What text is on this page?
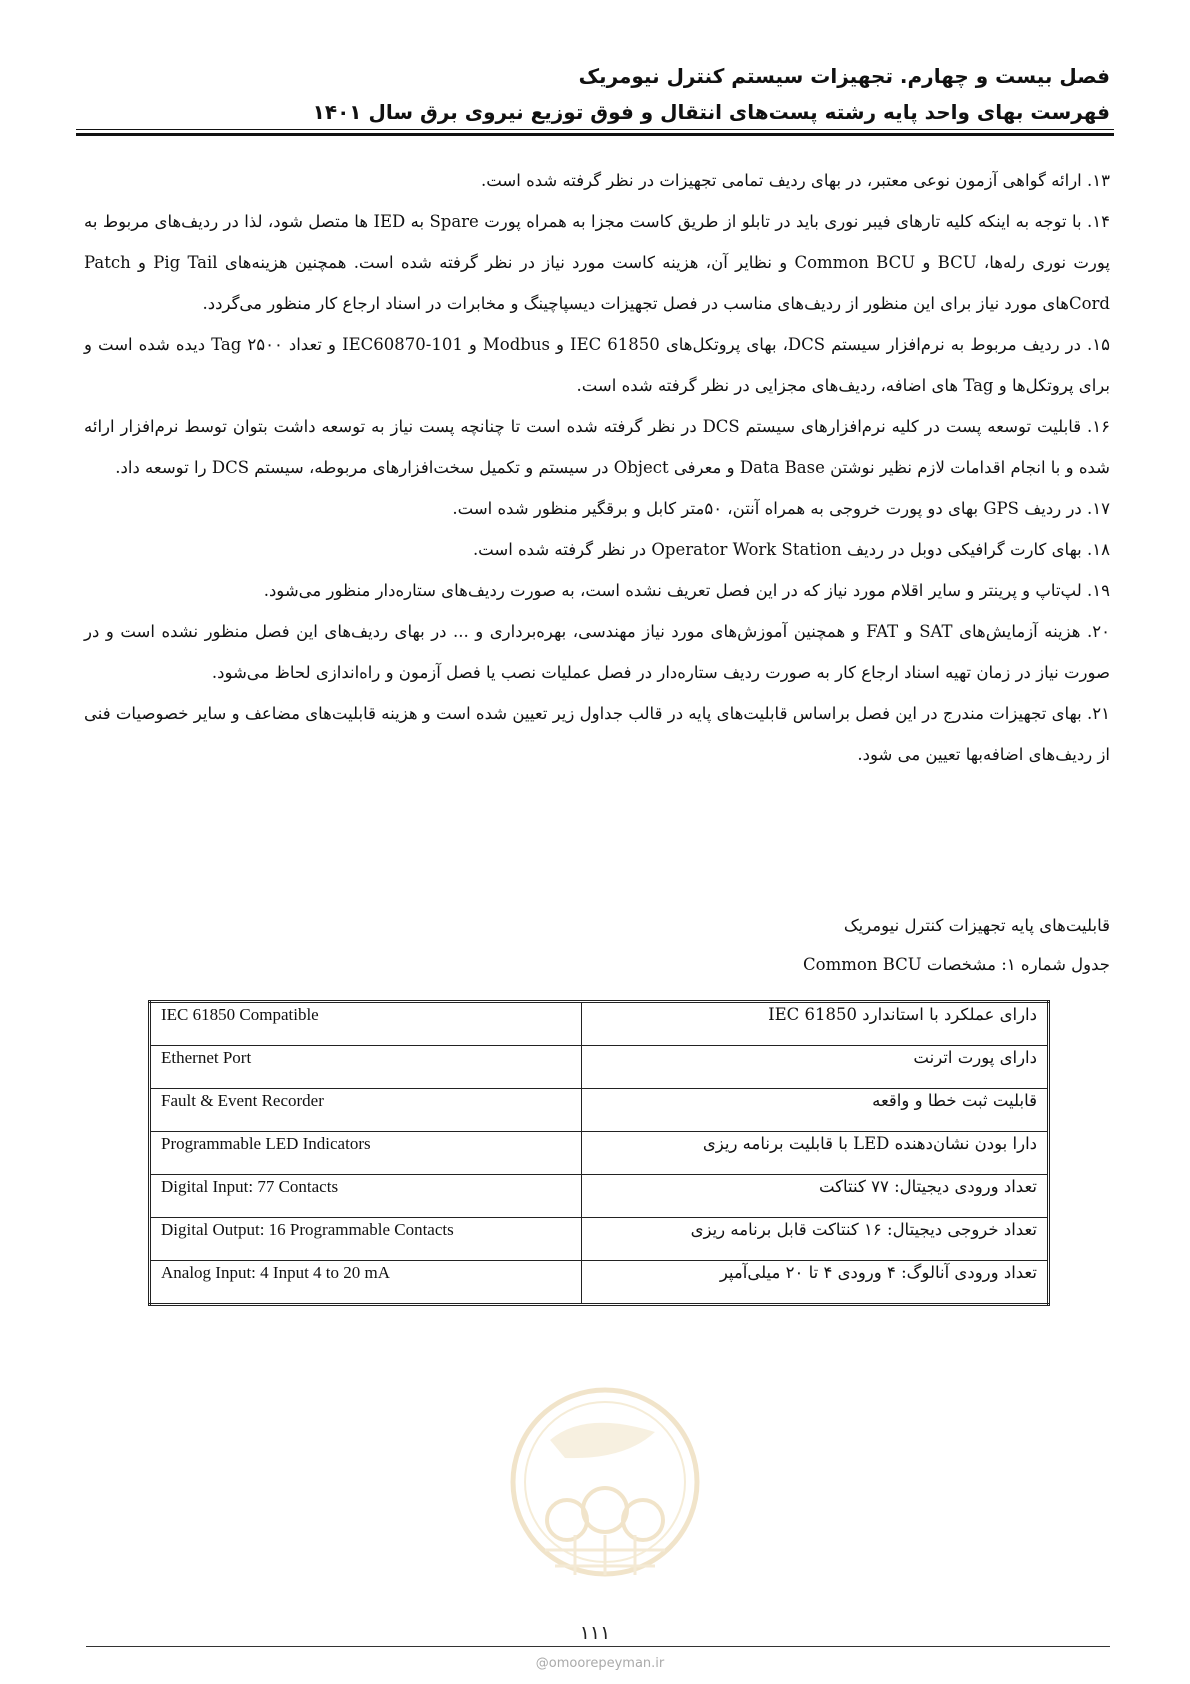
فصل بیست و چهارم. تجهیزات سیستم کنترل نیومریک
فهرست بهای واحد پایه رشته پست‌های انتقال و فوق توزیع نیروی برق سال ۱۴۰۱

۱۳. ارائه گواهی آزمون نوعی معتبر، در بهای ردیف تمامی تجهیزات در نظر گرفته شده است.

۱۴. با توجه به اینکه کلیه تارهای فیبر نوری باید در تابلو از طریق کاست مجزا به همراه پورت Spare به IED ها متصل شود، لذا در ردیف‌های مربوط به پورت نوری رله‌ها، BCU و Common BCU و نظایر آن، هزینه کاست مورد نیاز در نظر گرفته شده است. همچنین هزینه‌های Pig Tail و Patch Cordهای مورد نیاز برای این منظور از ردیف‌های مناسب در فصل تجهیزات دیسپاچینگ و مخابرات در اسناد ارجاع کار منظور می‌گردد.

۱۵. در ردیف مربوط به نرم‌افزار سیستم DCS، بهای پروتکل‌های IEC 61850 و Modbus و IEC60870-101 و تعداد ۲۵۰۰ Tag دیده شده است و برای پروتکل‌ها و Tag های اضافه، ردیف‌های مجزایی در نظر گرفته شده است.

۱۶. قابلیت توسعه پست در کلیه نرم‌افزارهای سیستم DCS در نظر گرفته شده است تا چنانچه پست نیاز به توسعه داشت بتوان توسط نرم‌افزار ارائه شده و با انجام اقدامات لازم نظیر نوشتن Data Base و معرفی Object در سیستم و تکمیل سخت‌افزارهای مربوطه، سیستم DCS را توسعه داد.

۱۷. در ردیف GPS بهای دو پورت خروجی به همراه آنتن، ۵۰متر کابل و برقگیر منظور شده است.

۱۸. بهای کارت گرافیکی دوبل در ردیف Operator Work Station در نظر گرفته شده است.

۱۹. لپ‌تاپ و پرینتر و سایر اقلام مورد نیاز که در این فصل تعریف نشده است، به صورت ردیف‌های ستاره‌دار منظور می‌شود.

۲۰. هزینه آزمایش‌های SAT و FAT و همچنین آموزش‌های مورد نیاز مهندسی، بهره‌برداری و ... در بهای ردیف‌های این فصل منظور نشده است و در صورت نیاز در زمان تهیه اسناد ارجاع کار به صورت ردیف ستاره‌دار در فصل عملیات نصب یا فصل آزمون و راه‌اندازی لحاظ می‌شود.

۲۱. بهای تجهیزات مندرج در این فصل براساس قابلیت‌های پایه در قالب جداول زیر تعیین شده است و هزینه قابلیت‌های مضاعف و سایر خصوصیات فنی از ردیف‌های اضافه‌بها تعیین می شود.

قابلیت‌های پایه تجهیزات کنترل نیومریک
جدول شماره ۱: مشخصات Common BCU
IEC 61850 Compatible	دارای عملکرد با استاندارد IEC 61850
Ethernet Port	دارای پورت اترنت
Fault & Event Recorder	قابلیت ثبت خطا و واقعه
Programmable LED Indicators	دارا بودن نشان‌دهنده LED با قابلیت برنامه ریزی
Digital Input: 77 Contacts	تعداد ورودی دیجیتال: ۷۷ کنتاکت
Digital Output: 16 Programmable Contacts	تعداد خروجی دیجیتال: ۱۶ کنتاکت قابل برنامه ریزی
Analog Input: 4 Input 4 to 20 mA	تعداد ورودی آنالوگ: ۴ ورودی ۴ تا ۲۰ میلی‌آمپر
۱۱۱
@omoorepeyman.ir
